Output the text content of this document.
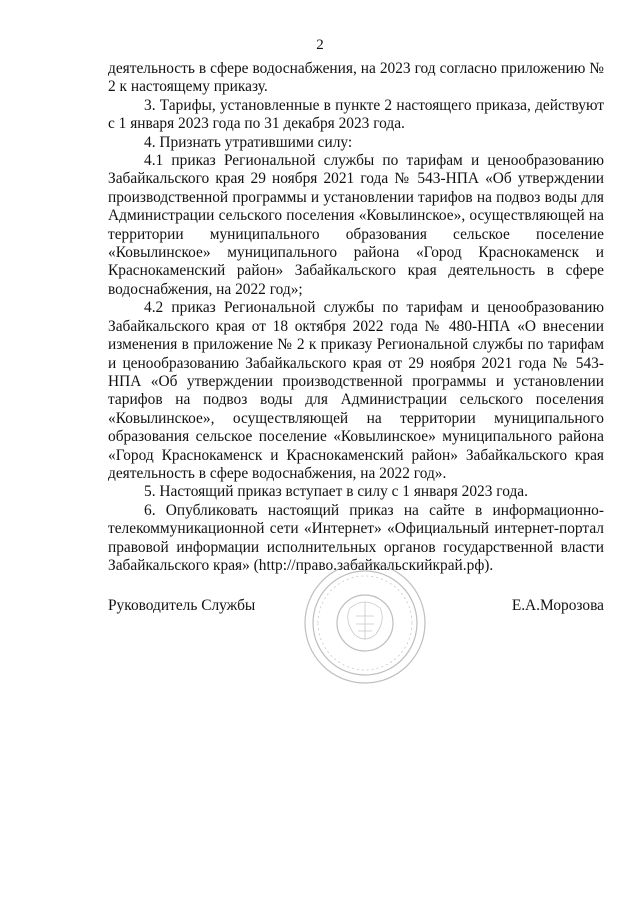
2

деятельность в сфере водоснабжения, на 2023 год согласно приложению № 2 к настоящему приказу.

3. Тарифы, установленные в пункте 2 настоящего приказа, действуют с 1 января 2023 года по 31 декабря 2023 года.

4. Признать утратившими силу:

4.1 приказ Региональной службы по тарифам и ценообразованию Забайкальского края 29 ноября 2021 года № 543-НПА «Об утверждении производственной программы и установлении тарифов на подвоз воды для Администрации сельского поселения «Ковылинское», осуществляющей на территории муниципального образования сельское поселение «Ковылинское» муниципального района «Город Краснокаменск и Краснокаменский район» Забайкальского края деятельность в сфере водоснабжения, на 2022 год»;

4.2 приказ Региональной службы по тарифам и ценообразованию Забайкальского края от 18 октября 2022 года № 480-НПА «О внесении изменения в приложение № 2 к приказу Региональной службы по тарифам и ценообразованию Забайкальского края от 29 ноября 2021 года № 543-НПА «Об утверждении производственной программы и установлении тарифов на подвоз воды для Администрации сельского поселения «Ковылинское», осуществляющей на территории муниципального образования сельское поселение «Ковылинское» муниципального района «Город Краснокаменск и Краснокаменский район» Забайкальского края деятельность в сфере водоснабжения, на 2022 год».

5. Настоящий приказ вступает в силу с 1 января 2023 года.

6. Опубликовать настоящий приказ на сайте в информационно-телекоммуникационной сети «Интернет» «Официальный интернет-портал правовой информации исполнительных органов государственной власти Забайкальского края» (http://право.забайкальскийкрай.рф).

Руководитель Службы	Е.А.Морозова
